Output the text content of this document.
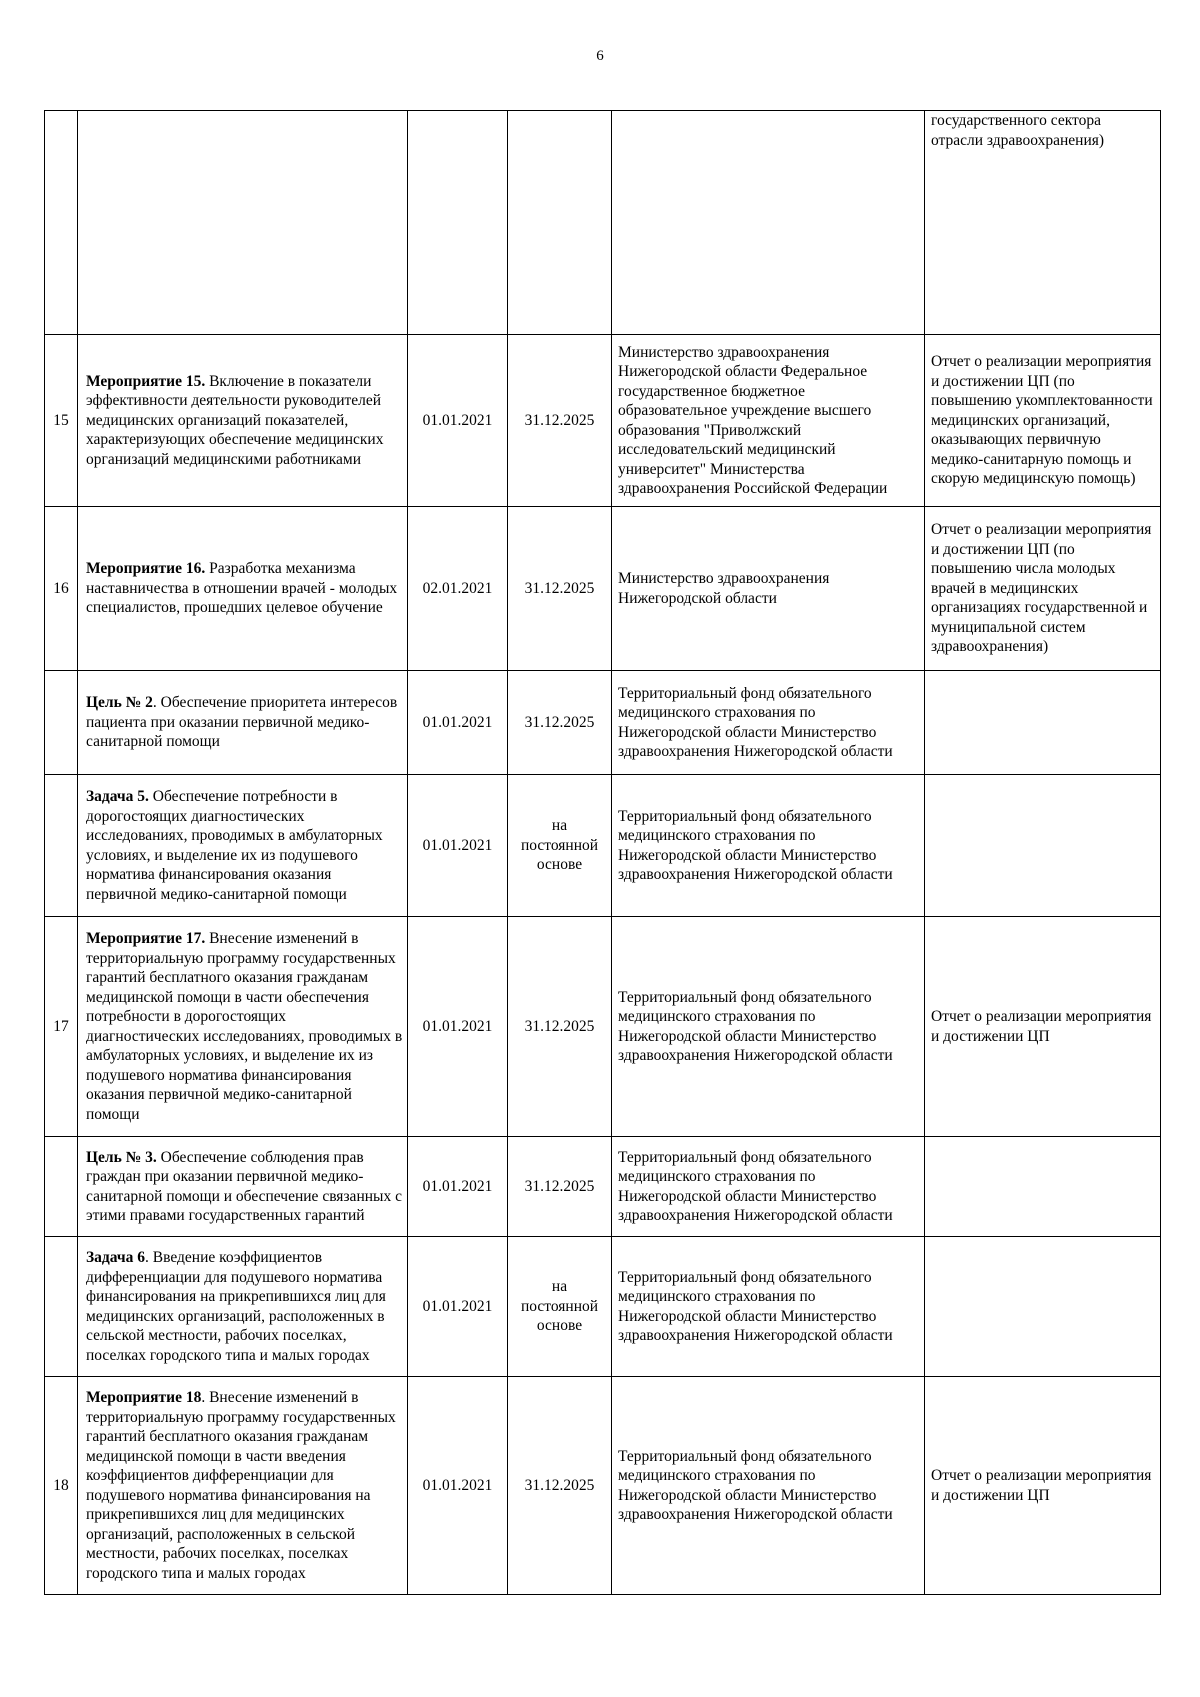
6
					государственного сектора отрасли здравоохранения)
15	Мероприятие 15. Включение в показатели эффективности деятельности руководителей медицинских организаций показателей, характеризующих обеспечение медицинских организаций медицинскими работниками	01.01.2021	31.12.2025	Министерство здравоохранения Нижегородской области Федеральное государственное бюджетное образовательное учреждение высшего образования "Приволжский исследовательский медицинский университет" Министерства здравоохранения Российской Федерации	Отчет о реализации мероприятия и достижении ЦП (по повышению укомплектованности медицинских организаций, оказывающих первичную медико-санитарную помощь и скорую медицинскую помощь)
16	Мероприятие 16. Разработка механизма наставничества в отношении врачей - молодых специалистов, прошедших целевое обучение	02.01.2021	31.12.2025	Министерство здравоохранения Нижегородской области	Отчет о реализации мероприятия и достижении ЦП (по повышению числа молодых врачей в медицинских организациях государственной и муниципальной систем здравоохранения)
	Цель № 2. Обеспечение приоритета интересов пациента при оказании первичной медико-санитарной помощи	01.01.2021	31.12.2025	Территориальный фонд обязательного медицинского страхования по Нижегородской области Министерство здравоохранения Нижегородской области	
	Задача 5. Обеспечение потребности в дорогостоящих диагностических исследованиях, проводимых в амбулаторных условиях, и выделение их из подушевого норматива финансирования оказания первичной медико-санитарной помощи	01.01.2021	на постоянной основе	Территориальный фонд обязательного медицинского страхования по Нижегородской области Министерство здравоохранения Нижегородской области	
17	Мероприятие 17. Внесение изменений в территориальную программу государственных гарантий бесплатного оказания гражданам медицинской помощи в части обеспечения потребности в дорогостоящих диагностических исследованиях, проводимых в амбулаторных условиях, и выделение их из подушевого норматива финансирования оказания первичной медико-санитарной помощи	01.01.2021	31.12.2025	Территориальный фонд обязательного медицинского страхования по Нижегородской области Министерство здравоохранения Нижегородской области	Отчет о реализации мероприятия и достижении ЦП
	Цель № 3. Обеспечение соблюдения прав граждан при оказании первичной медико-санитарной помощи и обеспечение связанных с этими правами государственных гарантий	01.01.2021	31.12.2025	Территориальный фонд обязательного медицинского страхования по Нижегородской области Министерство здравоохранения Нижегородской области	
	Задача 6. Введение коэффициентов дифференциации для подушевого норматива финансирования на прикрепившихся лиц для медицинских организаций, расположенных в сельской местности, рабочих поселках, поселках городского типа и малых городах	01.01.2021	на постоянной основе	Территориальный фонд обязательного медицинского страхования по Нижегородской области Министерство здравоохранения Нижегородской области	
18	Мероприятие 18. Внесение изменений в территориальную программу государственных гарантий бесплатного оказания гражданам медицинской помощи в части введения коэффициентов дифференциации для подушевого норматива финансирования на прикрепившихся лиц для медицинских организаций, расположенных в сельской местности, рабочих поселках, поселках городского типа и малых городах	01.01.2021	31.12.2025	Территориальный фонд обязательного медицинского страхования по Нижегородской области Министерство здравоохранения Нижегородской области	Отчет о реализации мероприятия и достижении ЦП
